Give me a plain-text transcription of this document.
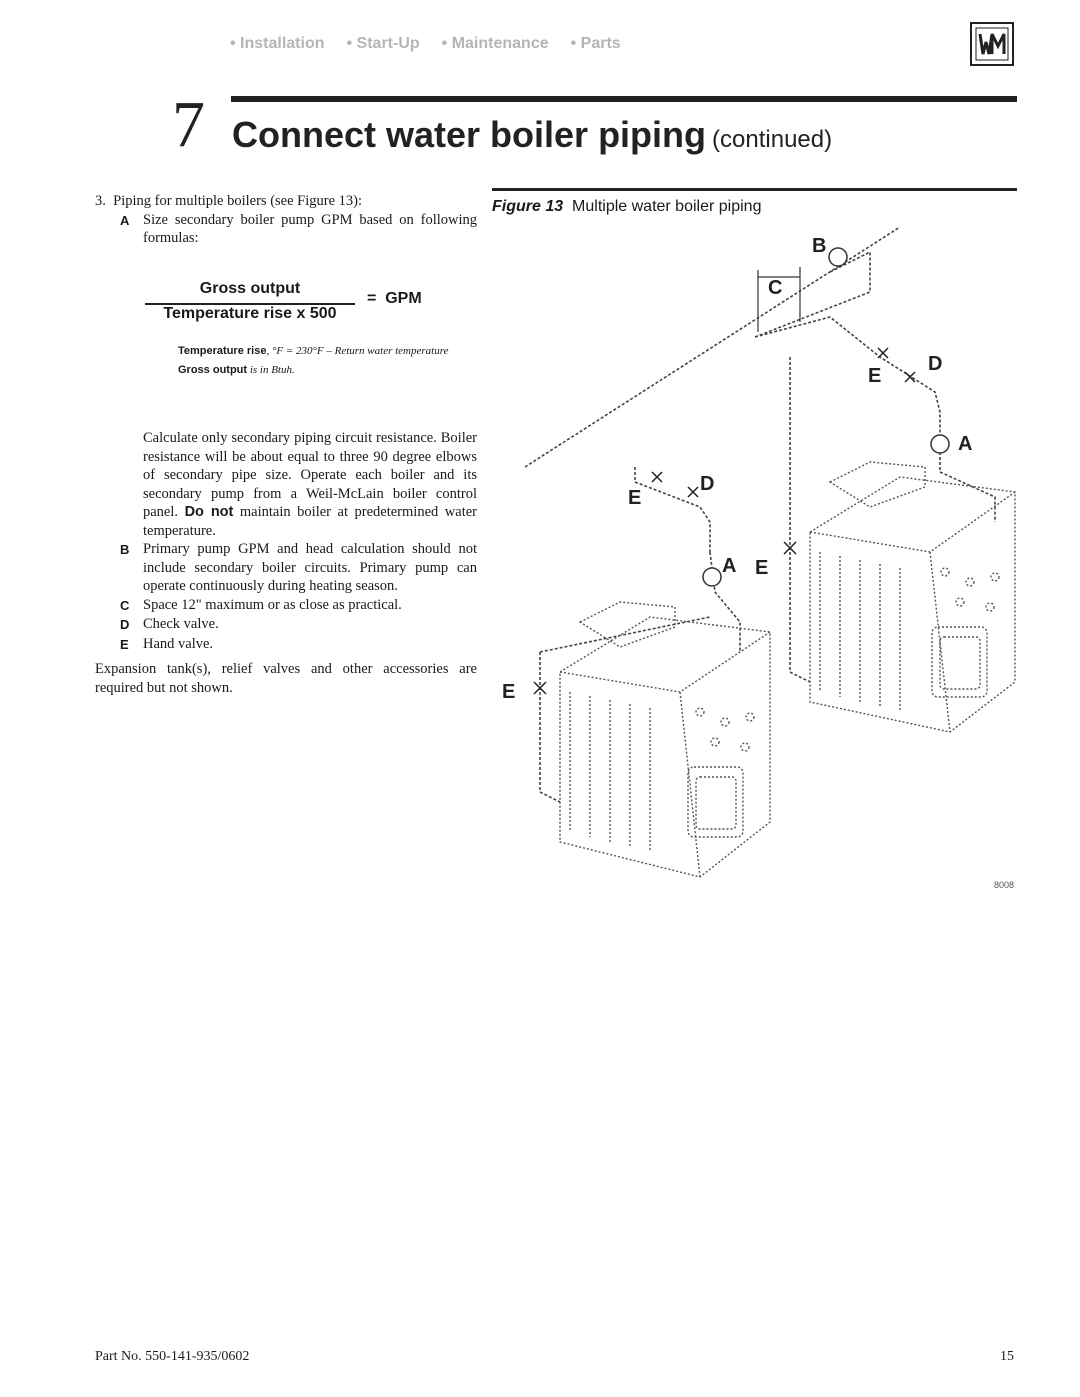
• Installation • Start-Up • Maintenance • Parts
7 Connect water boiler piping (continued)
3.  Piping for multiple boilers (see Figure 13):
A Size secondary boiler pump GPM based on following formulas:
Gross output
Temperature rise x 500
=  GPM
Temperature rise, °F = 230°F – Return water temperature
Gross output is in Btuh.
Calculate only secondary piping circuit resistance. Boiler resistance will be about equal to three 90 degree elbows of secondary pipe size. Operate each boiler and its secondary pump from a Weil-McLain boiler control panel. Do not maintain boiler at predetermined water temperature.
B Primary pump GPM and head calculation should not include secondary boiler circuits. Primary pump can operate continuously during heating season.
C Space 12" maximum or as close as practical.
D Check valve.
E Hand valve.
Expansion tank(s), relief valves and other accessories are required but not shown.
Figure 13 Multiple water boiler piping
B
C
D
E
A
E
D
A E
E
8008
Part No. 550-141-935/0602	15
